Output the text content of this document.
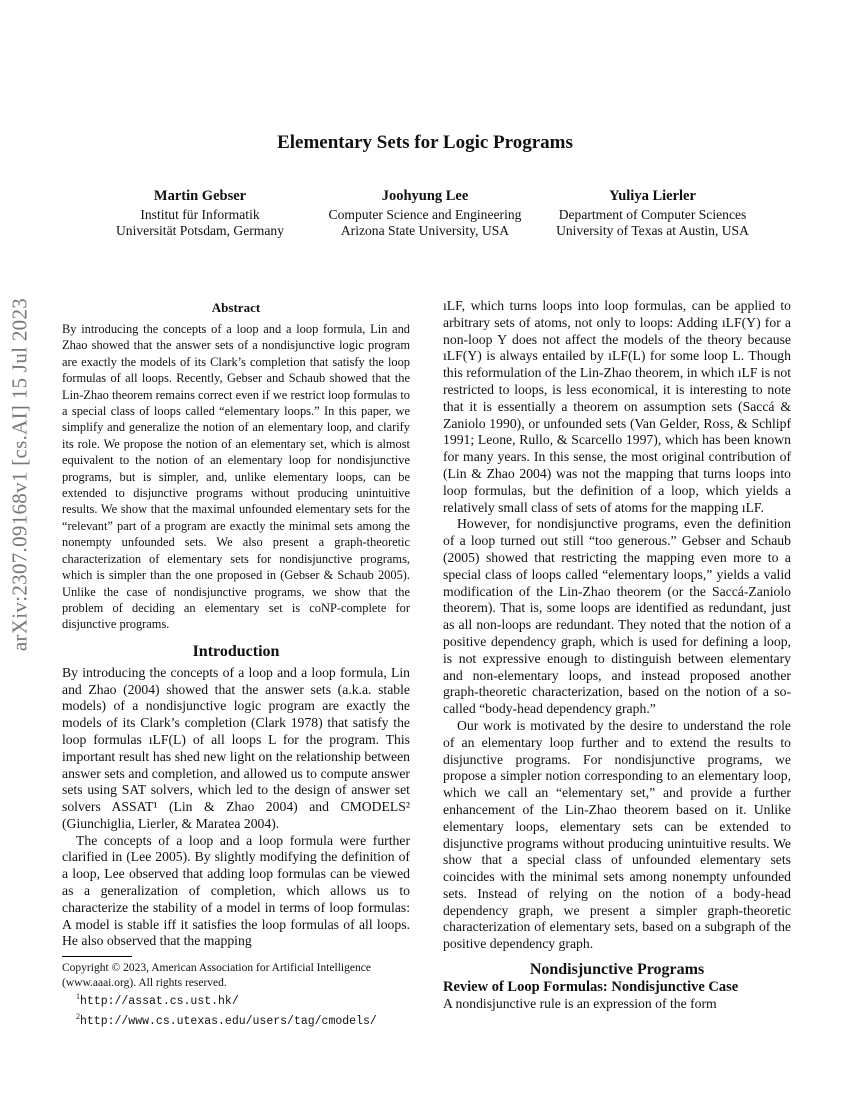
arXiv:2307.09168v1 [cs.AI] 15 Jul 2023
Elementary Sets for Logic Programs
Martin Gebser
Institut für Informatik
Universität Potsdam, Germany
Joohyung Lee
Computer Science and Engineering
Arizona State University, USA
Yuliya Lierler
Department of Computer Sciences
University of Texas at Austin, USA
Abstract

By introducing the concepts of a loop and a loop formula, Lin and Zhao showed that the answer sets of a nondisjunctive logic program are exactly the models of its Clark’s completion that satisfy the loop formulas of all loops. Recently, Gebser and Schaub showed that the Lin-Zhao theorem remains correct even if we restrict loop formulas to a special class of loops called “elementary loops.” In this paper, we simplify and generalize the notion of an elementary loop, and clarify its role. We propose the notion of an elementary set, which is almost equivalent to the notion of an elementary loop for nondisjunctive programs, but is simpler, and, unlike elementary loops, can be extended to disjunctive programs without producing unintuitive results. We show that the maximal unfounded elementary sets for the “relevant” part of a program are exactly the minimal sets among the nonempty unfounded sets. We also present a graph-theoretic characterization of elementary sets for nondisjunctive programs, which is simpler than the one proposed in (Gebser & Schaub 2005). Unlike the case of nondisjunctive programs, we show that the problem of deciding an elementary set is coNP-complete for disjunctive programs.

Introduction

By introducing the concepts of a loop and a loop formula, Lin and Zhao (2004) showed that the answer sets (a.k.a. stable models) of a nondisjunctive logic program are exactly the models of its Clark’s completion (Clark 1978) that satisfy the loop formulas ıLF(L) of all loops L for the program. This important result has shed new light on the relationship between answer sets and completion, and allowed us to compute answer sets using SAT solvers, which led to the design of answer set solvers ASSAT¹ (Lin & Zhao 2004) and CMODELS² (Giunchiglia, Lierler, & Maratea 2004).

The concepts of a loop and a loop formula were further clarified in (Lee 2005). By slightly modifying the definition of a loop, Lee observed that adding loop formulas can be viewed as a generalization of completion, which allows us to characterize the stability of a model in terms of loop formulas: A model is stable iff it satisfies the loop formulas of all loops. He also observed that the mapping

Copyright © 2023, American Association for Artificial Intelligence (www.aaai.org). All rights reserved.
$^1$http://assat.cs.ust.hk/
$^2$http://www.cs.utexas.edu/users/tag/cmodels/

ıLF, which turns loops into loop formulas, can be applied to arbitrary sets of atoms, not only to loops: Adding ıLF(Y) for a non-loop Y does not affect the models of the theory because ıLF(Y) is always entailed by ıLF(L) for some loop L. Though this reformulation of the Lin-Zhao theorem, in which ıLF is not restricted to loops, is less economical, it is interesting to note that it is essentially a theorem on assumption sets (Saccá & Zaniolo 1990), or unfounded sets (Van Gelder, Ross, & Schlipf 1991; Leone, Rullo, & Scarcello 1997), which has been known for many years. In this sense, the most original contribution of (Lin & Zhao 2004) was not the mapping that turns loops into loop formulas, but the definition of a loop, which yields a relatively small class of sets of atoms for the mapping ıLF.

However, for nondisjunctive programs, even the definition of a loop turned out still “too generous.” Gebser and Schaub (2005) showed that restricting the mapping even more to a special class of loops called “elementary loops,” yields a valid modification of the Lin-Zhao theorem (or the Saccá-Zaniolo theorem). That is, some loops are identified as redundant, just as all non-loops are redundant. They noted that the notion of a positive dependency graph, which is used for defining a loop, is not expressive enough to distinguish between elementary and non-elementary loops, and instead proposed another graph-theoretic characterization, based on the notion of a so-called “body-head dependency graph.”

Our work is motivated by the desire to understand the role of an elementary loop further and to extend the results to disjunctive programs. For nondisjunctive programs, we propose a simpler notion corresponding to an elementary loop, which we call an “elementary set,” and provide a further enhancement of the Lin-Zhao theorem based on it. Unlike elementary loops, elementary sets can be extended to disjunctive programs without producing unintuitive results. We show that a special class of unfounded elementary sets coincides with the minimal sets among nonempty unfounded sets. Instead of relying on the notion of a body-head dependency graph, we present a simpler graph-theoretic characterization of elementary sets, based on a subgraph of the positive dependency graph.

Nondisjunctive Programs
Review of Loop Formulas: Nondisjunctive Case

A nondisjunctive rule is an expression of the form
